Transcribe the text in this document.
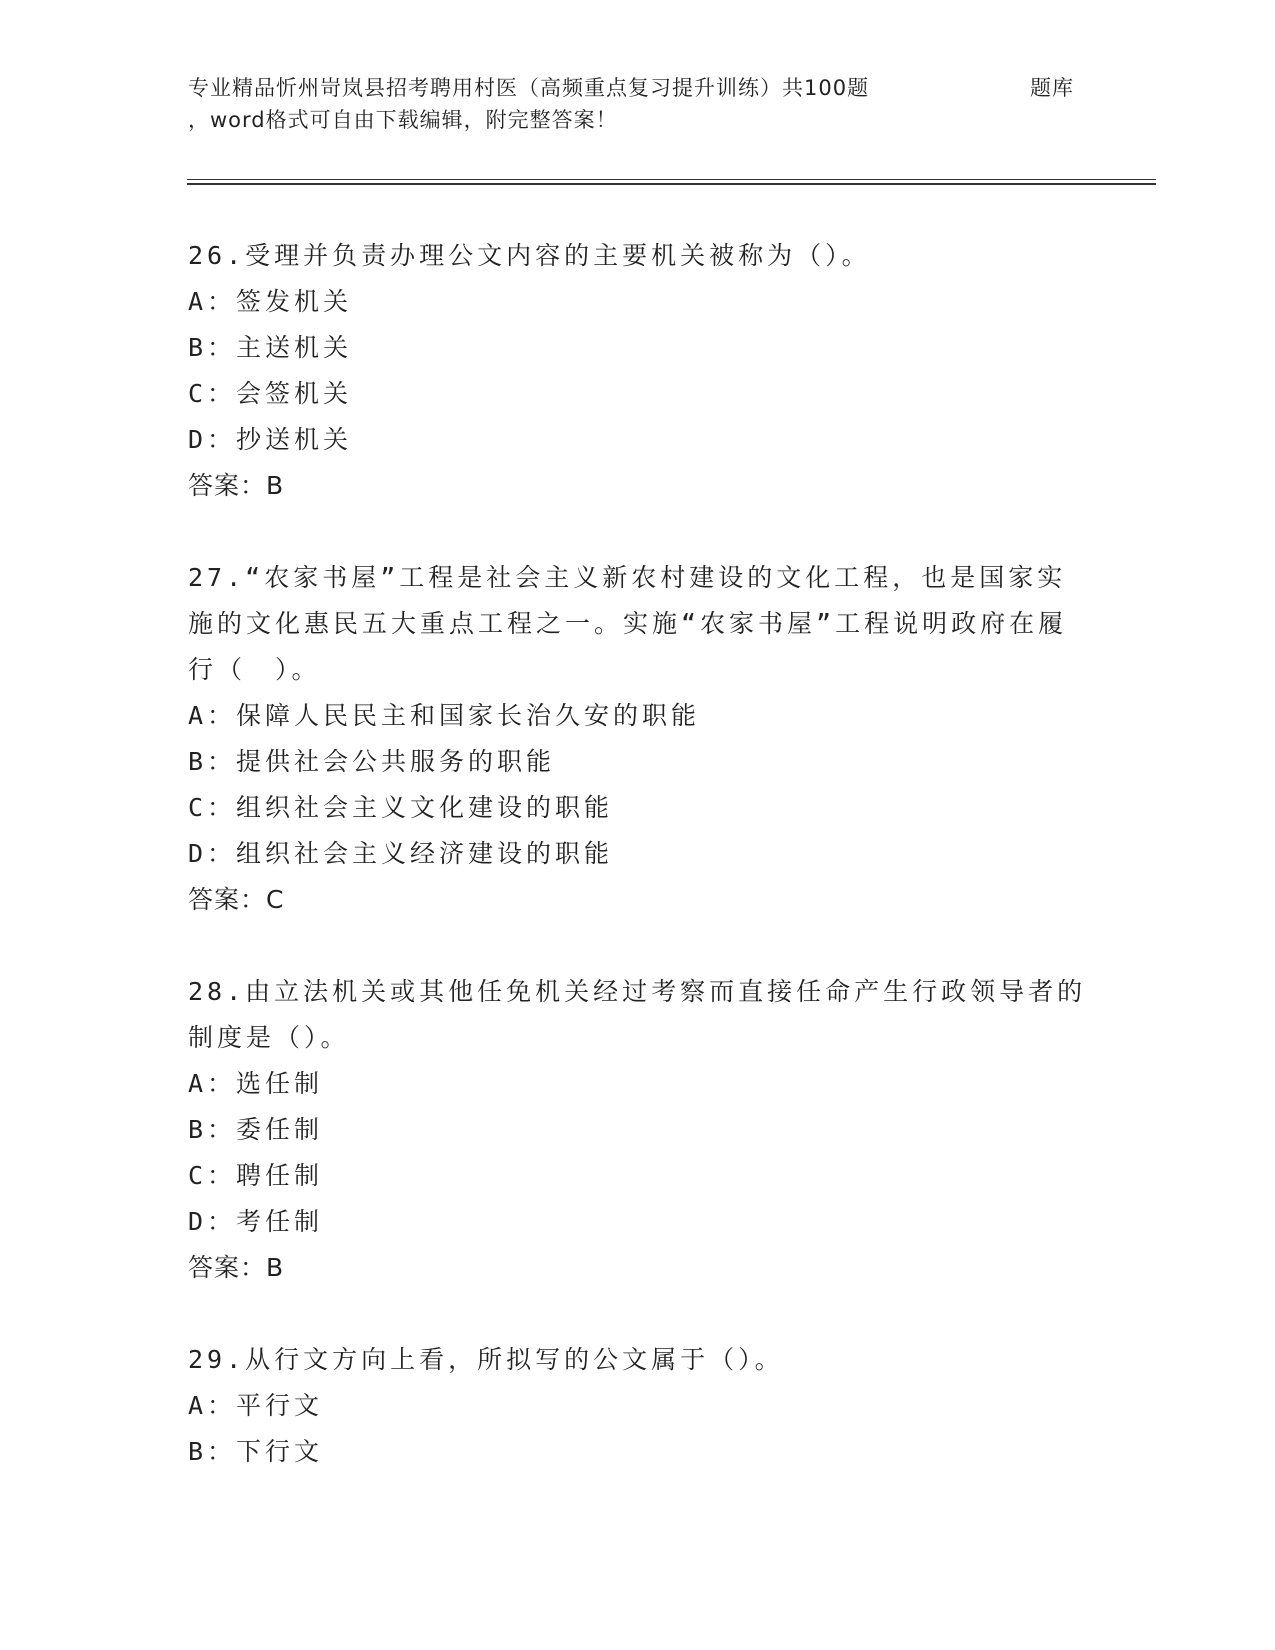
专业精品忻州岢岚县招考聘用村医（高频重点复习提升训练）共100题
，word格式可自由下载编辑，附完整答案！
题库

26.受理并负责办理公文内容的主要机关被称为（）。

A：签发机关

B：主送机关

C：会签机关

D：抄送机关

答案：B

27.“农家书屋”工程是社会主义新农村建设的文化工程，也是国家实施的文化惠民五大重点工程之一。实施“农家书屋”工程说明政府在履行（　）。

A：保障人民民主和国家长治久安的职能

B：提供社会公共服务的职能

C：组织社会主义文化建设的职能

D：组织社会主义经济建设的职能

答案：C

28.由立法机关或其他任免机关经过考察而直接任命产生行政领导者的制度是（）。

A：选任制

B：委任制

C：聘任制

D：考任制

答案：B

29.从行文方向上看，所拟写的公文属于（）。

A：平行文

B：下行文
